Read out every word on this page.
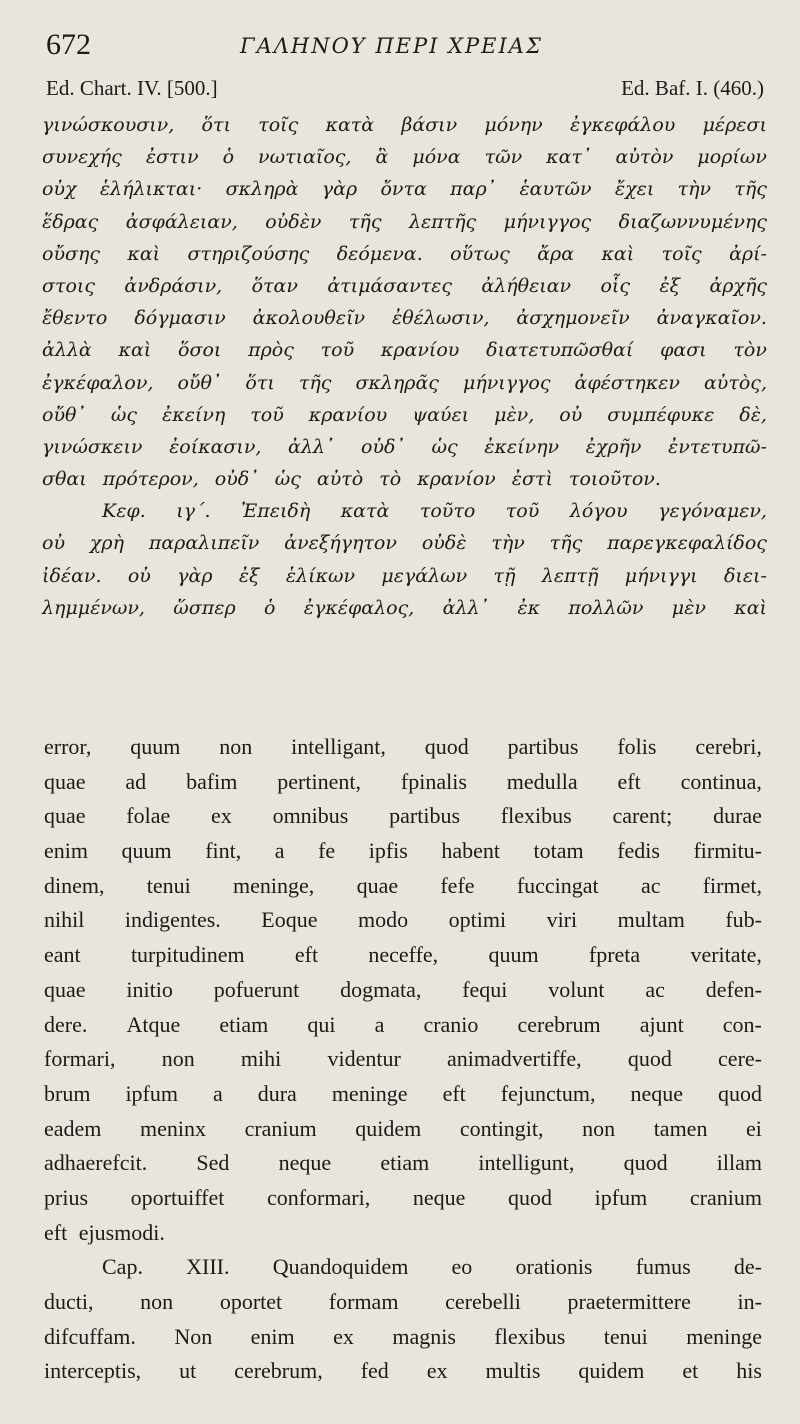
672	ΓΑΛΗΝΟΥ ΠΕΡΙ ΧΡΕΙΑΣ
Ed. Chart. IV. [500.]	Ed. Baf. I. (460.)
γινώσκουσιν, ὅτι τοῖς κατὰ βάσιν μόνην ἐγκεφάλου μέρεσι
συνεχής ἐστιν ὁ νωτιαῖος, ἃ μόνα τῶν κατ᾽ αὐτὸν μορίων
οὐχ ἑλήλικται· σκληρὰ γὰρ ὄντα παρ᾽ ἑαυτῶν ἔχει τὴν τῆς
ἕδρας ἀσφάλειαν, οὐδὲν τῆς λεπτῆς μήνιγγος διαζωννυμένης
οὔσης καὶ στηριζούσης δεόμενα. οὕτως ἄρα καὶ τοῖς ἀρί-
στοις ἀνδράσιν, ὅταν ἀτιμάσαντες ἀλήθειαν οἷς ἐξ ἀρχῆς
ἔθεντο δόγμασιν ἀκολουθεῖν ἐθέλωσιν, ἀσχημονεῖν ἀναγκαῖον.
ἀλλὰ καὶ ὅσοι πρὸς τοῦ κρανίου διατετυπῶσθαί φασι τὸν
ἐγκέφαλον, οὔθ᾽ ὅτι τῆς σκληρᾶς μήνιγγος ἀφέστηκεν αὐτὸς,
οὔθ᾽ ὡς ἐκείνη τοῦ κρανίου ψαύει μὲν, οὐ συμπέφυκε δὲ,
γινώσκειν ἐοίκασιν, ἀλλ᾽ οὐδ᾽ ὡς ἐκείνην ἐχρῆν ἐντετυπῶ-
σθαι πρότερον, οὐδ᾽ ὡς αὐτὸ τὸ κρανίον ἐστὶ τοιοῦτον.
Κεφ. ιγ΄. Ἐπειδὴ κατὰ τοῦτο τοῦ λόγου γεγόναμεν,
οὐ χρὴ παραλιπεῖν ἀνεξήγητον οὐδὲ τὴν τῆς παρεγκεφαλίδος
ἰδέαν. οὐ γὰρ ἐξ ἑλίκων μεγάλων τῇ λεπτῇ μήνιγγι διει-
λημμένων, ὥσπερ ὁ ἐγκέφαλος, ἀλλ᾽ ἐκ πολλῶν μὲν καὶ
error, quum non intelligant, quod partibus folis cerebri,
quae ad bafim pertinent, fpinalis medulla eft continua,
quae folae ex omnibus partibus flexibus carent; durae
enim quum fint, a fe ipfis habent totam fedis firmitu-
dinem, tenui meninge, quae fefe fuccingat ac firmet,
nihil indigentes. Eoque modo optimi viri multam fub-
eant turpitudinem eft neceffe, quum fpreta veritate,
quae initio pofuerunt dogmata, fequi volunt ac defen-
dere. Atque etiam qui a cranio cerebrum ajunt con-
formari, non mihi videntur animadvertiffe, quod cere-
brum ipfum a dura meninge eft fejunctum, neque quod
eadem meninx cranium quidem contingit, non tamen ei
adhaerefcit. Sed neque etiam intelligunt, quod illam
prius oportuiffet conformari, neque quod ipfum cranium
eft ejusmodi.
Cap. XIII. Quandoquidem eo orationis fumus de-
ducti, non oportet formam cerebelli praetermittere in-
difcuffam. Non enim ex magnis flexibus tenui meninge
interceptis, ut cerebrum, fed ex multis quidem et his
